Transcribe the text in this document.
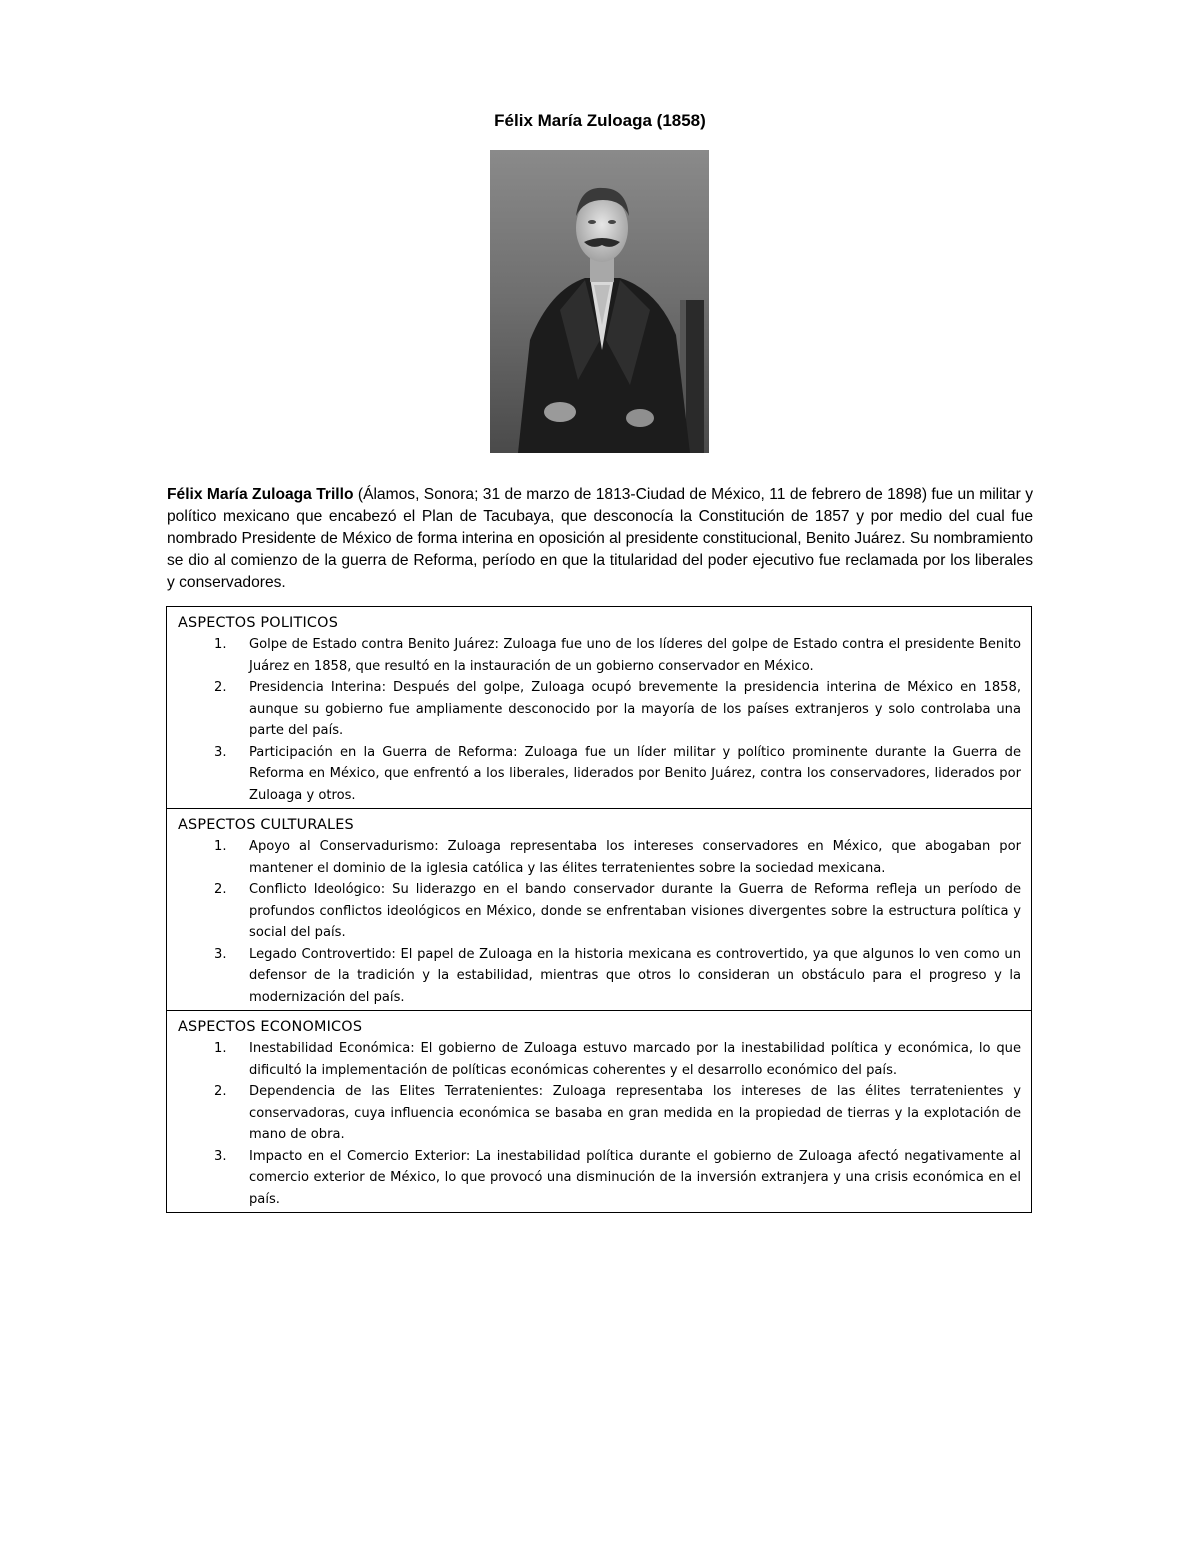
Félix María Zuloaga (1858)
Félix María Zuloaga Trillo (Álamos, Sonora; 31 de marzo de 1813-Ciudad de México, 11 de febrero de 1898) fue un militar y político mexicano que encabezó el Plan de Tacubaya, que desconocía la Constitución de 1857 y por medio del cual fue nombrado Presidente de México de forma interina en oposición al presidente constitucional, Benito Juárez. Su nombramiento se dio al comienzo de la guerra de Reforma, período en que la titularidad del poder ejecutivo fue reclamada por los liberales y conservadores.
ASPECTOS POLITICOS
1. Golpe de Estado contra Benito Juárez: Zuloaga fue uno de los líderes del golpe de Estado contra el presidente Benito Juárez en 1858, que resultó en la instauración de un gobierno conservador en México.
2. Presidencia Interina: Después del golpe, Zuloaga ocupó brevemente la presidencia interina de México en 1858, aunque su gobierno fue ampliamente desconocido por la mayoría de los países extranjeros y solo controlaba una parte del país.
3. Participación en la Guerra de Reforma: Zuloaga fue un líder militar y político prominente durante la Guerra de Reforma en México, que enfrentó a los liberales, liderados por Benito Juárez, contra los conservadores, liderados por Zuloaga y otros.
ASPECTOS CULTURALES
1. Apoyo al Conservadurismo: Zuloaga representaba los intereses conservadores en México, que abogaban por mantener el dominio de la iglesia católica y las élites terratenientes sobre la sociedad mexicana.
2. Conflicto Ideológico: Su liderazgo en el bando conservador durante la Guerra de Reforma refleja un período de profundos conflictos ideológicos en México, donde se enfrentaban visiones divergentes sobre la estructura política y social del país.
3. Legado Controvertido: El papel de Zuloaga en la historia mexicana es controvertido, ya que algunos lo ven como un defensor de la tradición y la estabilidad, mientras que otros lo consideran un obstáculo para el progreso y la modernización del país.
ASPECTOS ECONOMICOS
1. Inestabilidad Económica: El gobierno de Zuloaga estuvo marcado por la inestabilidad política y económica, lo que dificultó la implementación de políticas económicas coherentes y el desarrollo económico del país.
2. Dependencia de las Elites Terratenientes: Zuloaga representaba los intereses de las élites terratenientes y conservadoras, cuya influencia económica se basaba en gran medida en la propiedad de tierras y la explotación de mano de obra.
3. Impacto en el Comercio Exterior: La inestabilidad política durante el gobierno de Zuloaga afectó negativamente al comercio exterior de México, lo que provocó una disminución de la inversión extranjera y una crisis económica en el país.
